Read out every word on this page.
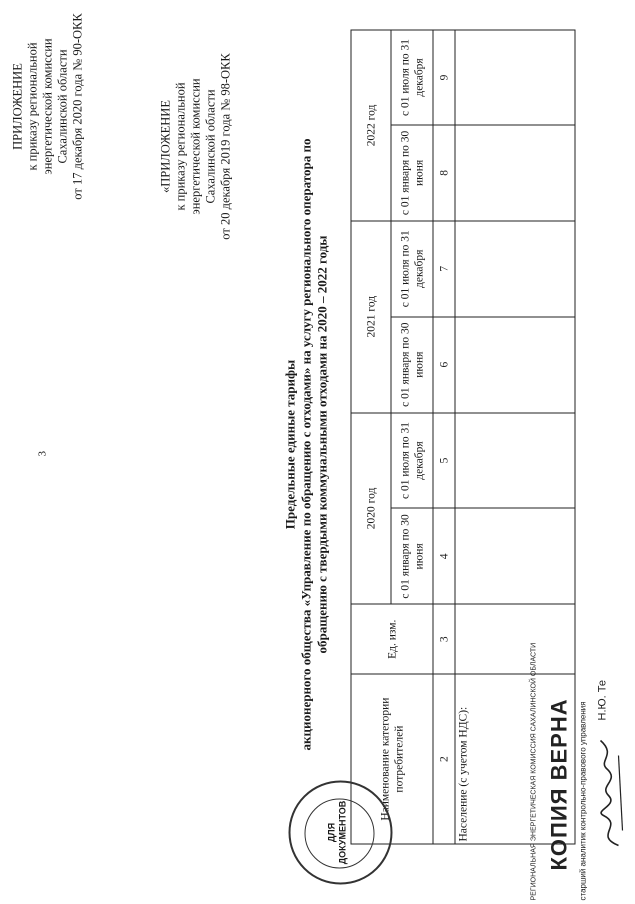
3
ПРИЛОЖЕНИЕ к приказу региональной энергетической комиссии Сахалинской области от 17 декабря 2020 года № 90-ОКК	«ПРИЛОЖЕНИЕ к приказу региональной энергетической комиссии Сахалинской области от 20 декабря 2019 года № 98-ОКК
Предельные единые тарифы акционерного общества «Управление по обращению с отходами» на услугу регионального оператора по обращению с твердыми коммунальными отходами на 2020 – 2022 годы
Наименование категории потребителей	Ед. изм.	2020 год		2021 год		2022 год	
		с 01 января по 30 июня	с 01 июля по 31 декабря	с 01 января по 30 июня	с 01 июля по 31 декабря	с 01 января по 30 июня	с 01 июля по 31 декабря
2	3	4	5	6	7	8	9
Население (с учетом НДС):							
ДЛЯ ДОКУМЕНТОВ	РЕГИОНАЛЬНАЯ ЭНЕРГЕТИЧЕСКАЯ КОМИССИЯ САХАЛИНСКОЙ ОБЛАСТИ КОПИЯ ВЕРНА старший аналитик контрольно-правового управления
Н.Ю. Те
